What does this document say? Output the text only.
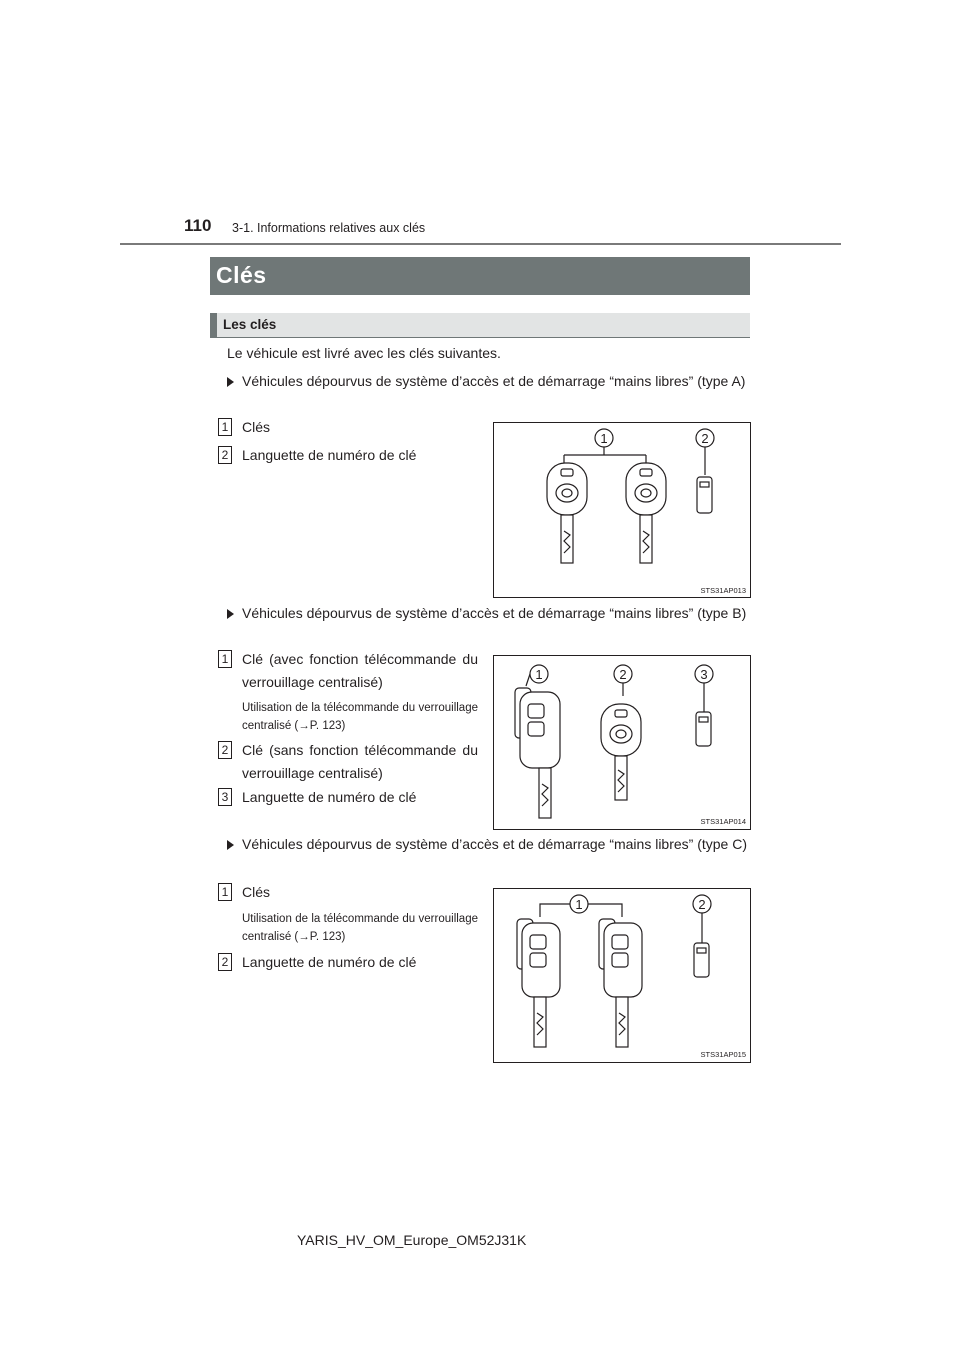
110 3-1. Informations relatives aux clés
Clés
Les clés
Le véhicule est livré avec les clés suivantes.
Véhicules dépourvus de système d’accès et de démarrage “mains libres” (type A)
1 Clés
2 Languette de numéro de clé
1	2
STS31AP013
Véhicules dépourvus de système d’accès et de démarrage “mains libres” (type B)
1 Clé (avec fonction télécommande du verrouillage centralisé)
Utilisation de la télécommande du verrouillage centralisé (→P. 123)
2 Clé (sans fonction télécommande du verrouillage centralisé)
3 Languette de numéro de clé
1	2	3
STS31AP014
Véhicules dépourvus de système d’accès et de démarrage “mains libres” (type C)
1 Clés
Utilisation de la télécommande du verrouillage centralisé (→P. 123)
2 Languette de numéro de clé
1	2
STS31AP015
YARIS_HV_OM_Europe_OM52J31K
